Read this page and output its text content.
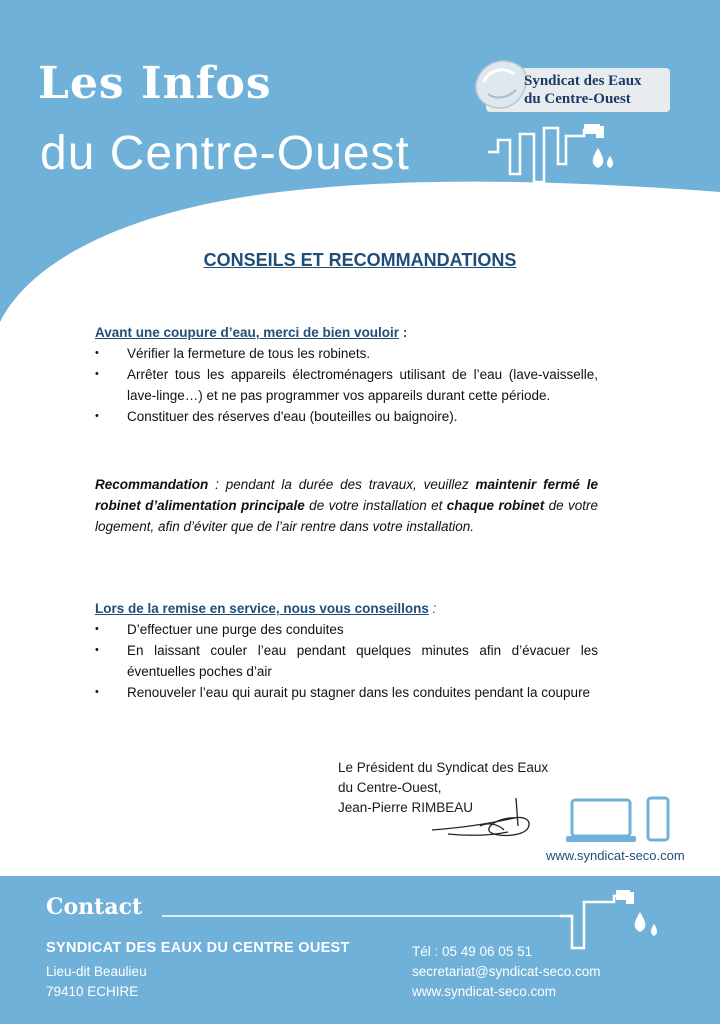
Les Infos
du Centre-Ouest
Syndicat des Eaux
du Centre-Ouest
CONSEILS ET RECOMMANDATIONS
Avant une coupure d’eau, merci de bien vouloir :
• Vérifier la fermeture de tous les robinets.
• Arrêter tous les appareils électroménagers utilisant de l’eau (lave-vaisselle, lave-linge…) et ne pas programmer vos appareils durant cette période.
• Constituer des réserves d'eau (bouteilles ou baignoire).
Recommandation : pendant la durée des travaux, veuillez maintenir fermé le robinet d’alimentation principale de votre installation et chaque robinet de votre logement, afin d’éviter que de l’air rentre dans votre installation.
Lors de la remise en service, nous vous conseillons :
• D’effectuer une purge des conduites
• En laissant couler l’eau pendant quelques minutes afin d’évacuer les éventuelles poches d’air
• Renouveler l’eau qui aurait pu stagner dans les conduites pendant la coupure
Le Président du Syndicat des Eaux
du Centre-Ouest,
Jean-Pierre RIMBEAU
www.syndicat-seco.com
Contact
SYNDICAT DES EAUX DU CENTRE OUEST
Lieu-dit Beaulieu
79410 ECHIRE
Tél : 05 49 06 05 51
secretariat@syndicat-seco.com
www.syndicat-seco.com
